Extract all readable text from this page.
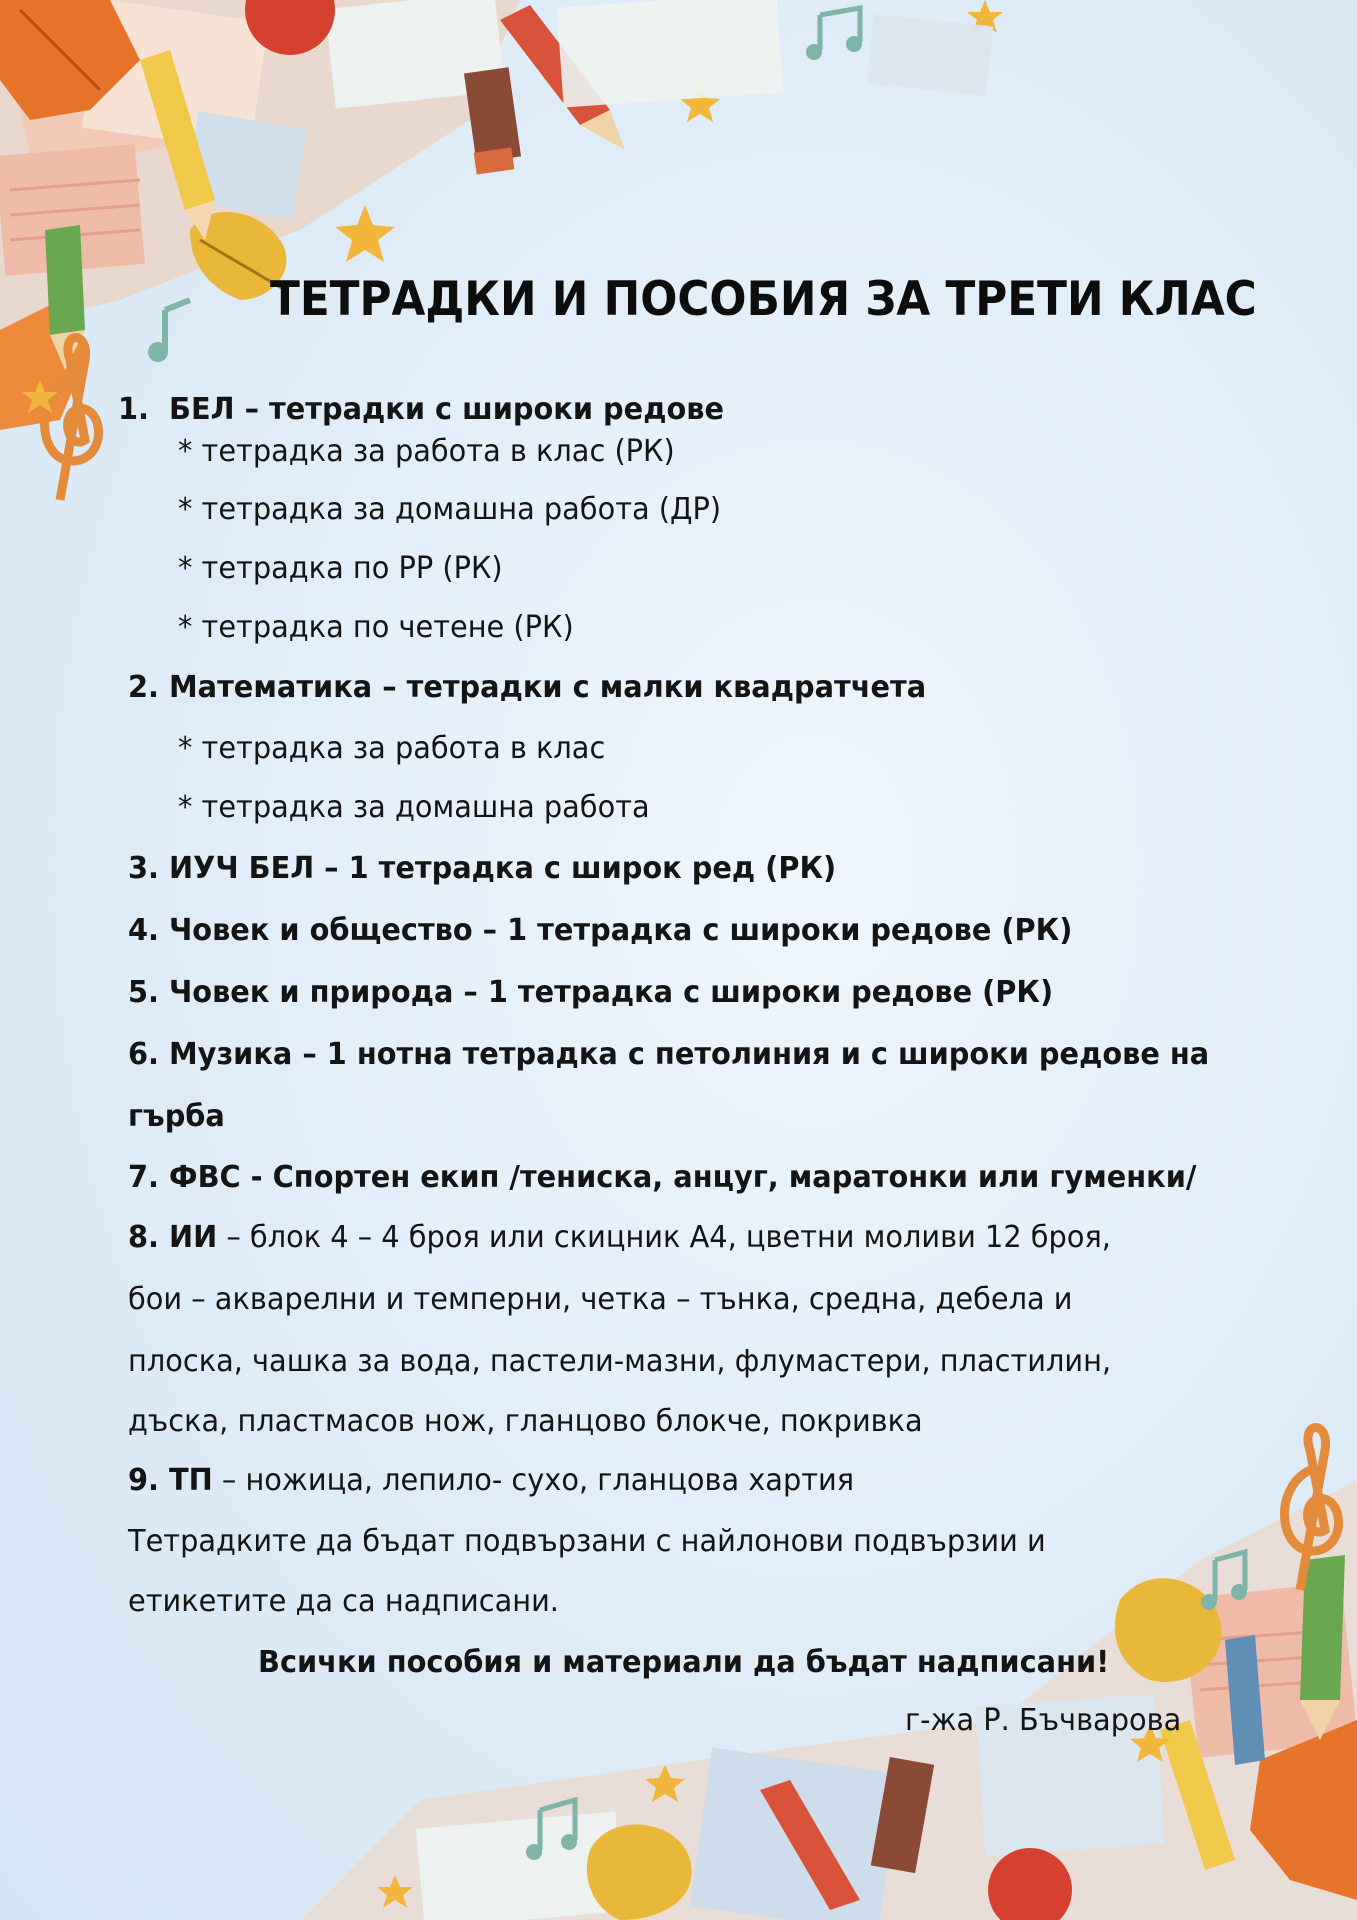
ТЕТРАДКИ И ПОСОБИЯ ЗА ТРЕТИ КЛАС
1. БЕЛ – тетрадки с широки редове
* тетрадка за работа в клас (РК)
* тетрадка за домашна работа (ДР)
* тетрадка по РР (РК)
* тетрадка по четене (РК)
2. Математика – тетрадки с малки квадратчета
* тетрадка за работа в клас
* тетрадка за домашна работа
3. ИУЧ БЕЛ – 1 тетрадка с широк ред (РК)
4. Човек и общество – 1 тетрадка с широки редове (РК)
5. Човек и природа – 1 тетрадка с широки редове (РК)
6. Музика – 1 нотна тетрадка с петолиния и с широки редове на
гърба
7. ФВС - Спортен екип /тениска, анцуг, маратонки или гуменки/
8. ИИ – блок 4 – 4 броя или скицник А4, цветни моливи 12 броя,
бои – акварелни и темперни, четка – тънка, средна, дебела и
плоска, чашка за вода, пастели-мазни, флумастери, пластилин,
дъска, пластмасов нож, гланцово блокче, покривка
9. ТП – ножица, лепило- сухо, гланцова хартия
Тетрадките да бъдат подвързани с найлонови подвързии и
етикетите да са надписани.
Всички пособия и материали да бъдат надписани!
г-жа Р. Бъчварова
